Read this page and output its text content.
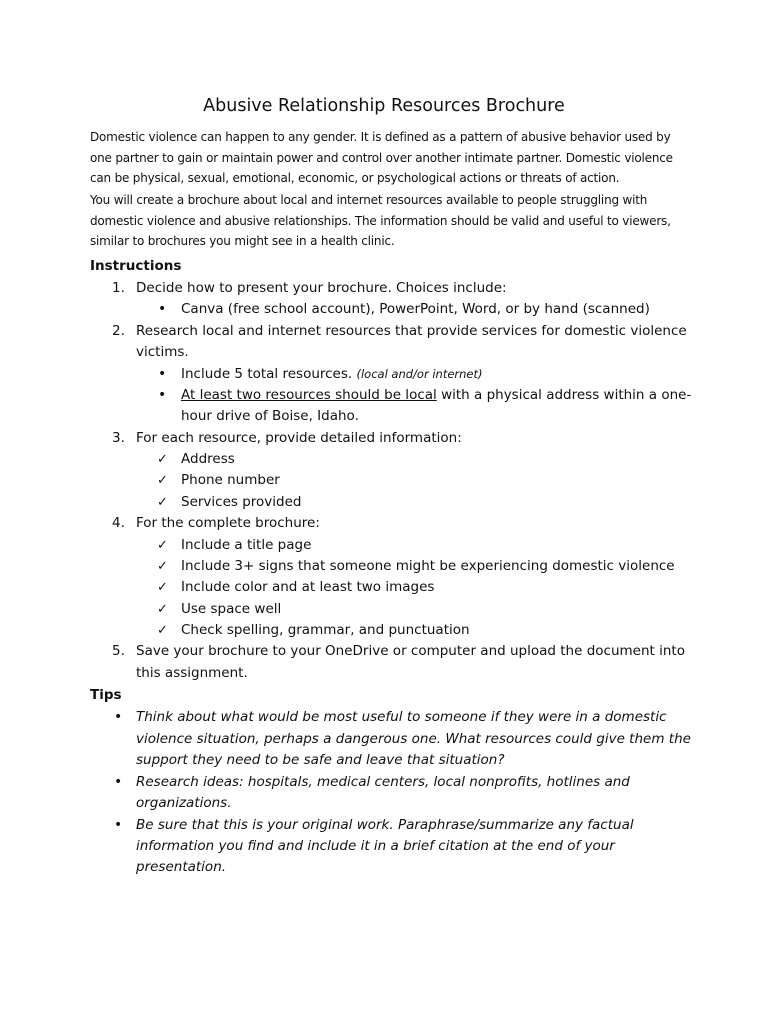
Abusive Relationship Resources Brochure
Domestic violence can happen to any gender. It is defined as a pattern of abusive behavior used by one partner to gain or maintain power and control over another intimate partner. Domestic violence can be physical, sexual, emotional, economic, or psychological actions or threats of action.
You will create a brochure about local and internet resources available to people struggling with domestic violence and abusive relationships. The information should be valid and useful to viewers, similar to brochures you might see in a health clinic.
Instructions
1. Decide how to present your brochure. Choices include:
• Canva (free school account), PowerPoint, Word, or by hand (scanned)
2. Research local and internet resources that provide services for domestic violence
victims.
• Include 5 total resources. (local and/or internet)
• At least two resources should be local with a physical address within a one-
hour drive of Boise, Idaho.
3. For each resource, provide detailed information:
✓ Address
✓ Phone number
✓ Services provided
4. For the complete brochure:
✓ Include a title page
✓ Include 3+ signs that someone might be experiencing domestic violence
✓ Include color and at least two images
✓ Use space well
✓ Check spelling, grammar, and punctuation
5. Save your brochure to your OneDrive or computer and upload the document into
this assignment.
Tips
• Think about what would be most useful to someone if they were in a domestic
violence situation, perhaps a dangerous one. What resources could give them the
support they need to be safe and leave that situation?
• Research ideas: hospitals, medical centers, local nonprofits, hotlines and
organizations.
• Be sure that this is your original work. Paraphrase/summarize any factual
information you find and include it in a brief citation at the end of your
presentation.
